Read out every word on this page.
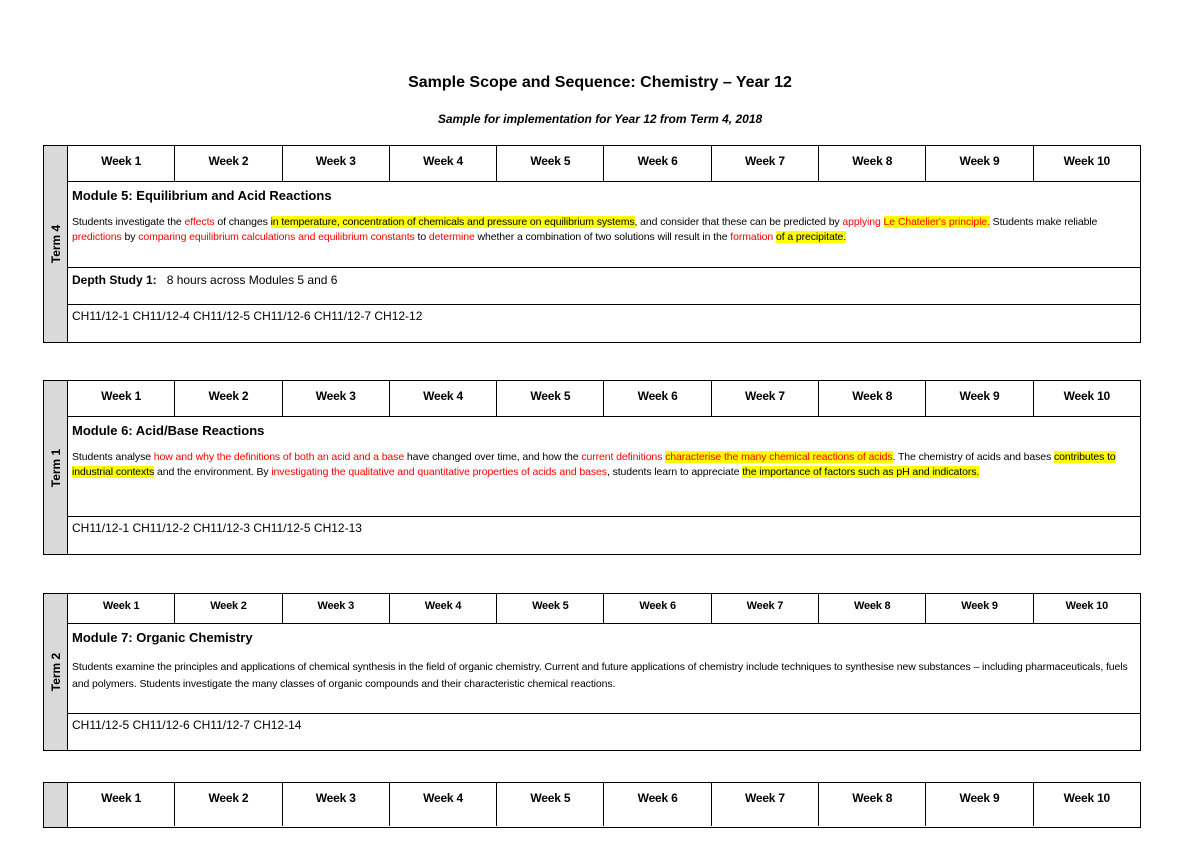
Sample Scope and Sequence: Chemistry – Year 12
Sample for implementation for Year 12 from Term 4, 2018
Term 4
Week 1	Week 2	Week 3	Week 4	Week 5	Week 6	Week 7	Week 8	Week 9	Week 10
Module 5: Equilibrium and Acid Reactions
Students investigate the effects of changes in temperature, concentration of chemicals and pressure on equilibrium systems, and consider that these can be predicted by applying Le Chatelier's principle. Students make reliable predictions by comparing equilibrium calculations and equilibrium constants to determine whether a combination of two solutions will result in the formation of a precipitate.
Depth Study 1: 8 hours across Modules 5 and 6
CH11/12-1 CH11/12-4 CH11/12-5 CH11/12-6 CH11/12-7 CH12-12
Term 1
Week 1	Week 2	Week 3	Week 4	Week 5	Week 6	Week 7	Week 8	Week 9	Week 10
Module 6: Acid/Base Reactions
Students analyse how and why the definitions of both an acid and a base have changed over time, and how the current definitions characterise the many chemical reactions of acids. The chemistry of acids and bases contributes to industrial contexts and the environment. By investigating the qualitative and quantitative properties of acids and bases, students learn to appreciate the importance of factors such as pH and indicators.
CH11/12-1 CH11/12-2 CH11/12-3 CH11/12-5 CH12-13
Term 2
Week 1	Week 2	Week 3	Week 4	Week 5	Week 6	Week 7	Week 8	Week 9	Week 10
Module 7: Organic Chemistry
Students examine the principles and applications of chemical synthesis in the field of organic chemistry. Current and future applications of chemistry include techniques to synthesise new substances – including pharmaceuticals, fuels and polymers. Students investigate the many classes of organic compounds and their characteristic chemical reactions.
CH11/12-5 CH11/12-6 CH11/12-7 CH12-14
Week 1	Week 2	Week 3	Week 4	Week 5	Week 6	Week 7	Week 8	Week 9	Week 10
